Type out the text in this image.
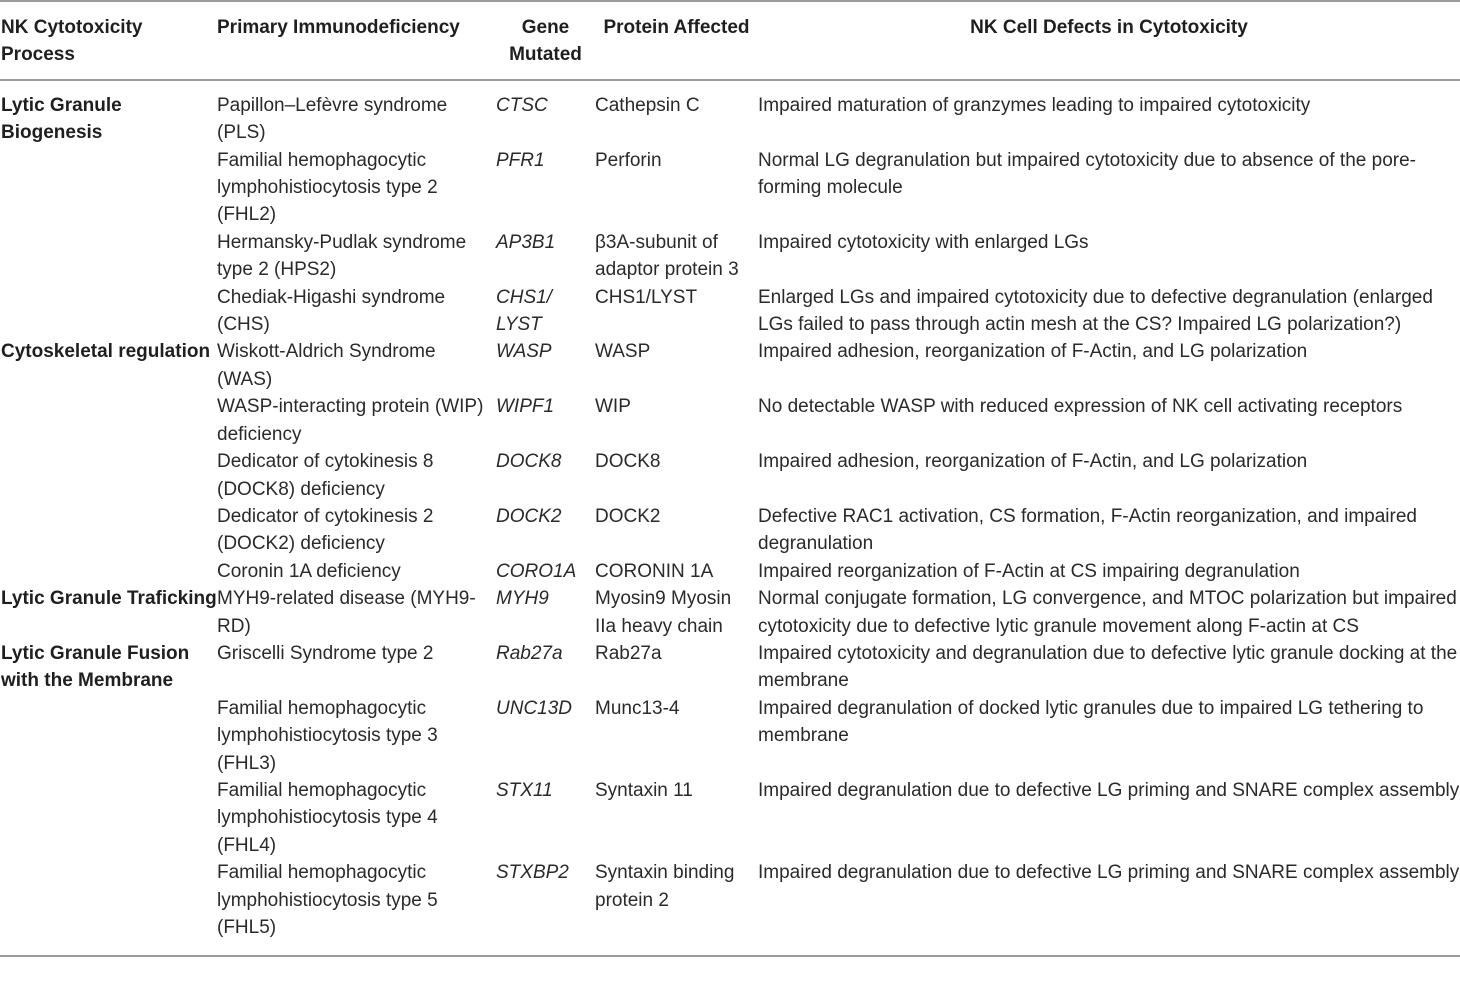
NK Cytotoxicity Process	Primary Immunodeficiency	Gene Mutated	Protein Affected	NK Cell Defects in Cytotoxicity
Lytic Granule Biogenesis	Papillon–Lefèvre syndrome (PLS)	CTSC	Cathepsin C	Impaired maturation of granzymes leading to impaired cytotoxicity
	Familial hemophagocytic lymphohistiocytosis type 2 (FHL2)	PFR1	Perforin	Normal LG degranulation but impaired cytotoxicity due to absence of the pore-forming molecule
	Hermansky-Pudlak syndrome type 2 (HPS2)	AP3B1	β3A-subunit of adaptor protein 3	Impaired cytotoxicity with enlarged LGs
	Chediak-Higashi syndrome (CHS)	CHS1/ LYST	CHS1/LYST	Enlarged LGs and impaired cytotoxicity due to defective degranulation (enlarged LGs failed to pass through actin mesh at the CS? Impaired LG polarization?)
Cytoskeletal regulation	Wiskott-Aldrich Syndrome (WAS)	WASP	WASP	Impaired adhesion, reorganization of F-Actin, and LG polarization
	WASP-interacting protein (WIP) deficiency	WIPF1	WIP	No detectable WASP with reduced expression of NK cell activating receptors
	Dedicator of cytokinesis 8 (DOCK8) deficiency	DOCK8	DOCK8	Impaired adhesion, reorganization of F-Actin, and LG polarization
	Dedicator of cytokinesis 2 (DOCK2) deficiency	DOCK2	DOCK2	Defective RAC1 activation, CS formation, F-Actin reorganization, and impaired degranulation
	Coronin 1A deficiency	CORO1A	CORONIN 1A	Impaired reorganization of F-Actin at CS impairing degranulation
Lytic Granule Traficking	MYH9-related disease (MYH9-RD)	MYH9	Myosin9 Myosin IIa heavy chain	Normal conjugate formation, LG convergence, and MTOC polarization but impaired cytotoxicity due to defective lytic granule movement along F-actin at CS
Lytic Granule Fusion with the Membrane	Griscelli Syndrome type 2	Rab27a	Rab27a	Impaired cytotoxicity and degranulation due to defective lytic granule docking at the membrane
	Familial hemophagocytic lymphohistiocytosis type 3 (FHL3)	UNC13D	Munc13-4	Impaired degranulation of docked lytic granules due to impaired LG tethering to membrane
	Familial hemophagocytic lymphohistiocytosis type 4 (FHL4)	STX11	Syntaxin 11	Impaired degranulation due to defective LG priming and SNARE complex assembly
	Familial hemophagocytic lymphohistiocytosis type 5 (FHL5)	STXBP2	Syntaxin binding protein 2	Impaired degranulation due to defective LG priming and SNARE complex assembly
